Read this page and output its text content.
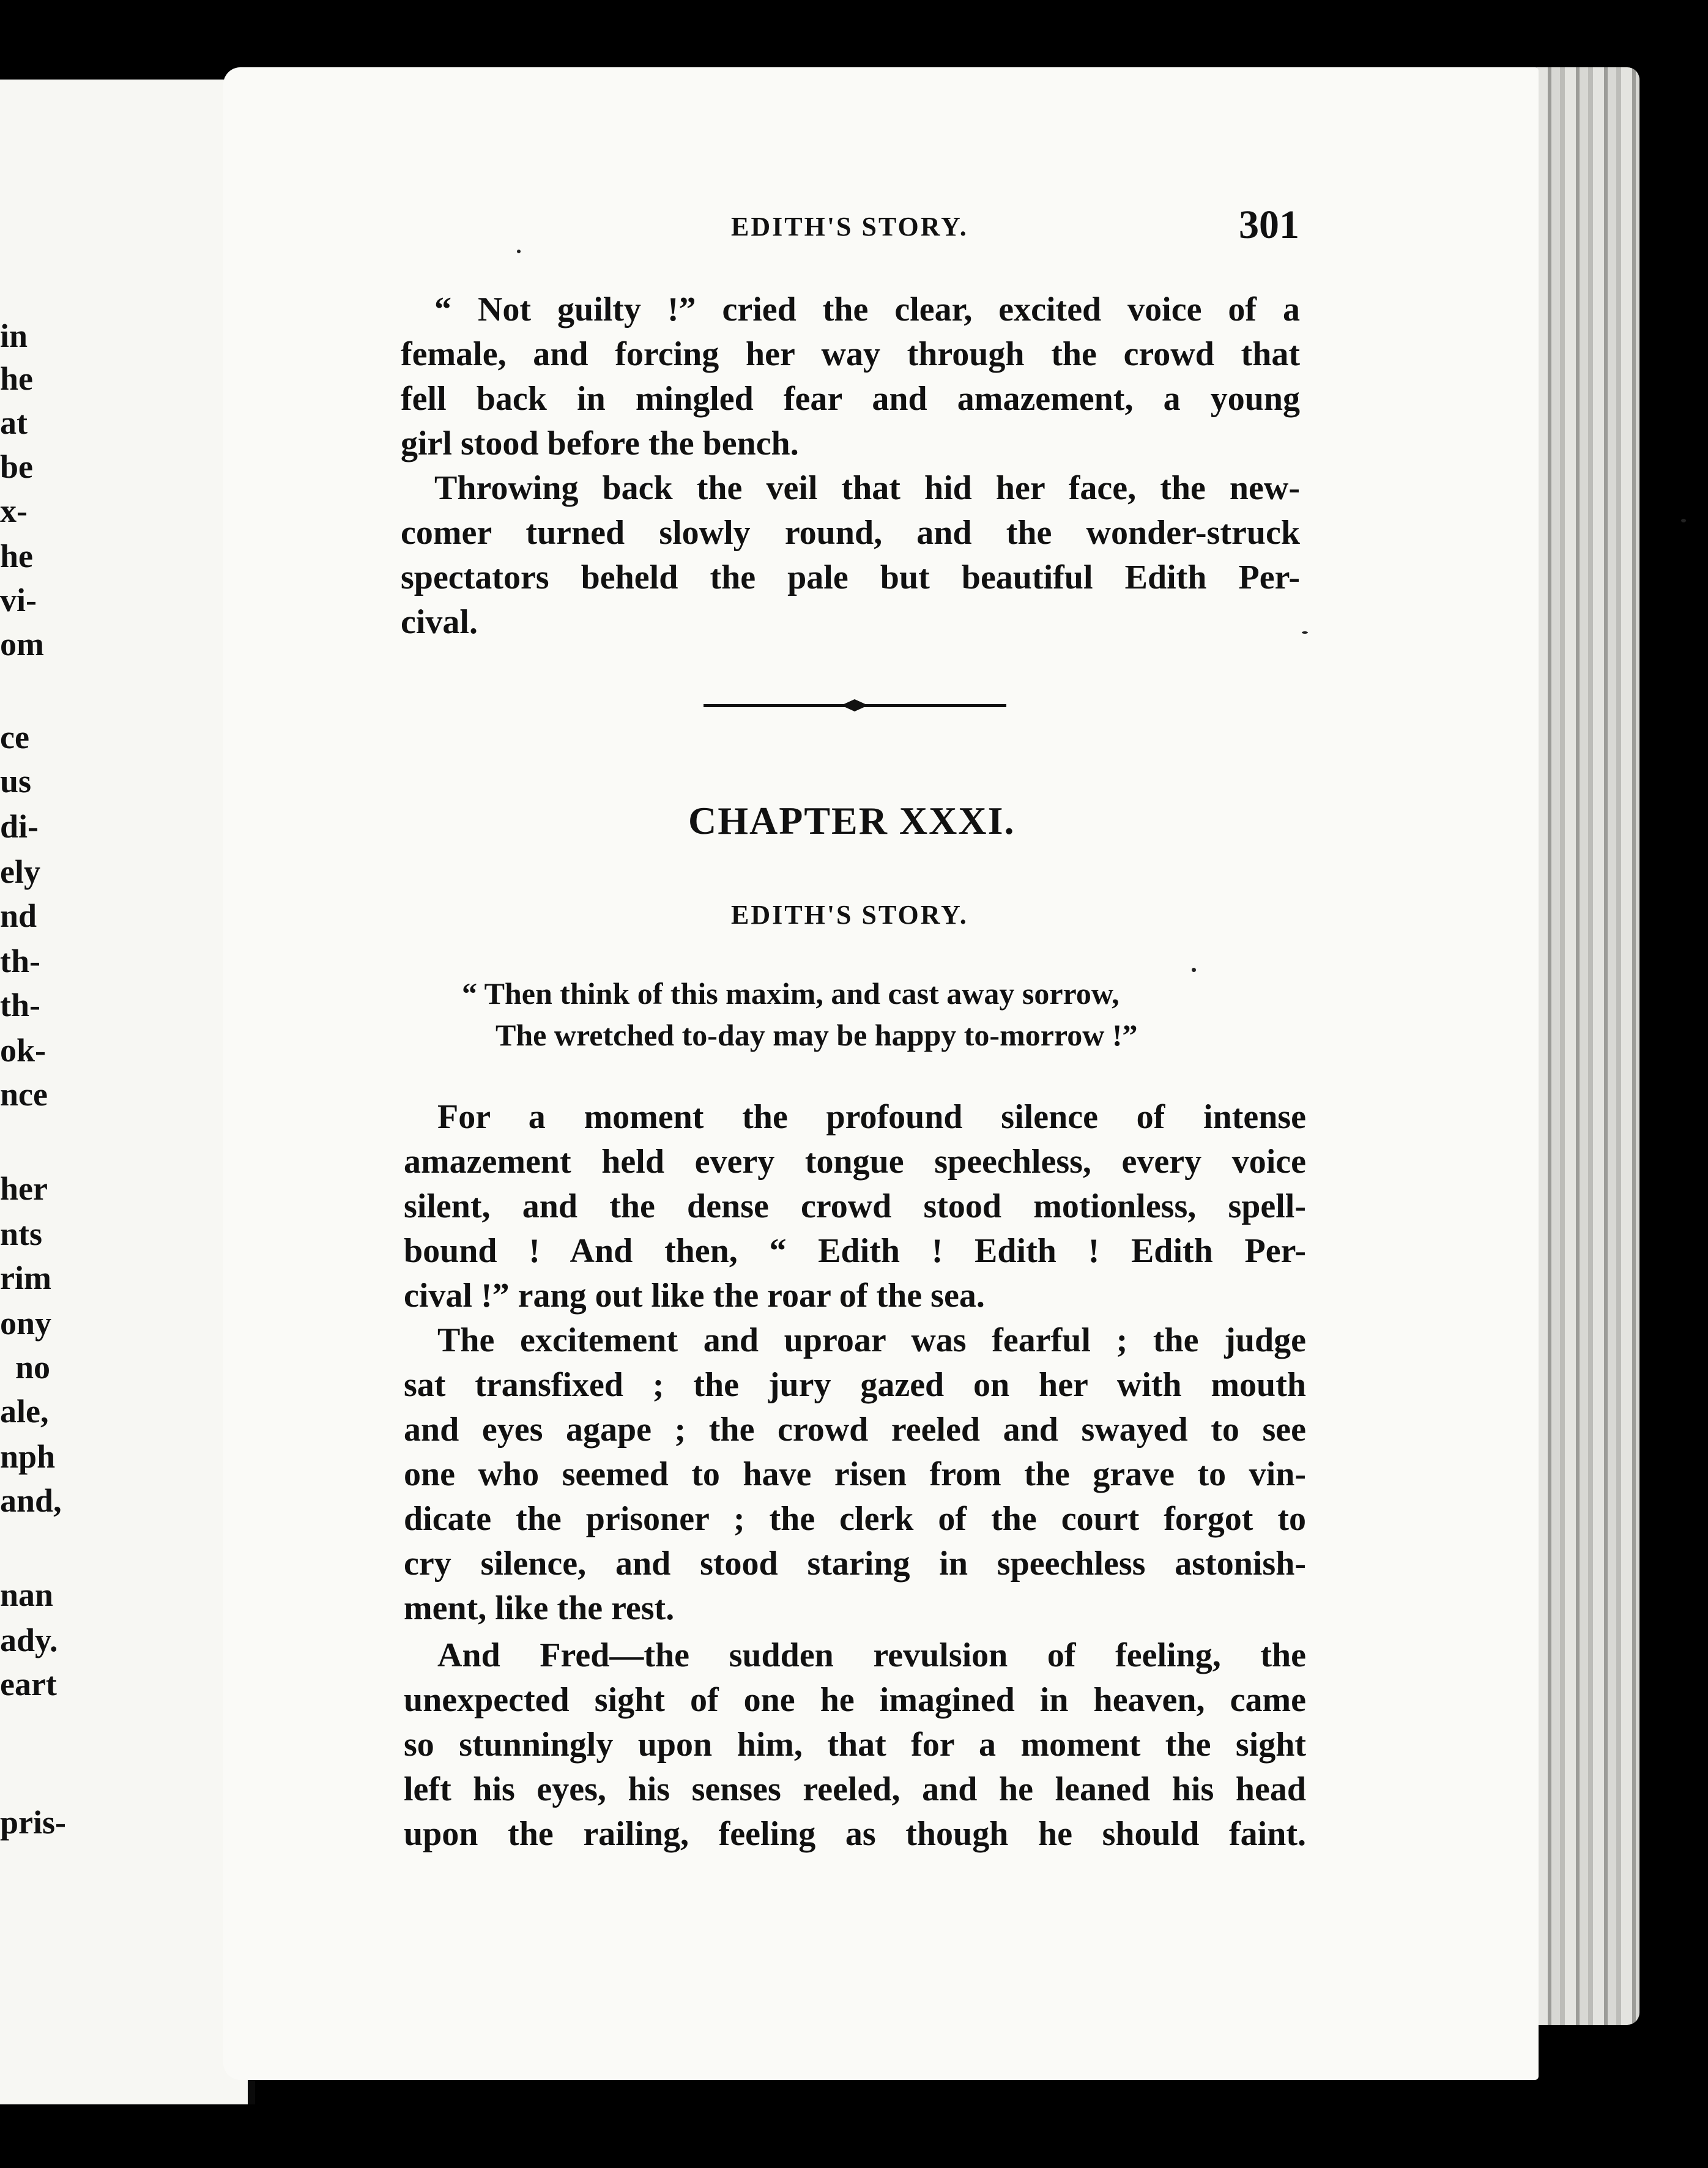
in
he
at
be
x-
he
vi-
om
ce
us
di-
ely
nd
th-
th-
ok-
nce
her
nts
rim
ony
no
ale,
nph
and,
nan
ady.
eart
pris-
EDITH'S STORY.	301
“ Not guilty !” cried the clear, excited voice of a
female, and forcing her way through the crowd that
fell back in mingled fear and amazement, a young
girl stood before the bench.
Throwing back the veil that hid her face, the new-
comer turned slowly round, and the wonder-struck
spectators beheld the pale but beautiful Edith Per-
cival.
CHAPTER XXXI.
EDITH'S STORY.
“ Then think of this maxim, and cast away sorrow,
The wretched to-day may be happy to-morrow !”
For a moment the profound silence of intense
amazement held every tongue speechless, every voice
silent, and the dense crowd stood motionless, spell-
bound ! And then, “ Edith ! Edith ! Edith Per-
cival !” rang out like the roar of the sea.
The excitement and uproar was fearful ; the judge
sat transfixed ; the jury gazed on her with mouth
and eyes agape ; the crowd reeled and swayed to see
one who seemed to have risen from the grave to vin-
dicate the prisoner ; the clerk of the court forgot to
cry silence, and stood staring in speechless astonish-
ment, like the rest.
And Fred—the sudden revulsion of feeling, the
unexpected sight of one he imagined in heaven, came
so stunningly upon him, that for a moment the sight
left his eyes, his senses reeled, and he leaned his head
upon the railing, feeling as though he should faint.
